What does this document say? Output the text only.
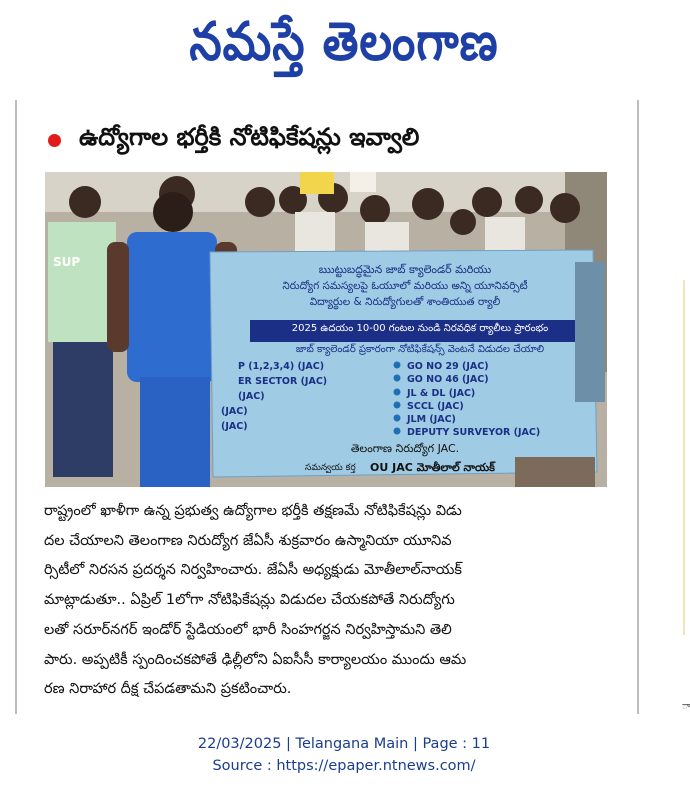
నమస్తే తెలంగాణ
ఉద్యోగాల భర్తీకి నోటిఫికేషన్లు ఇవ్వాలి
SUP
ఋట్టుబద్ధమైన జాబ్ క్యాలెండర్ మరియు
నిరుద్యోగ సమస్యలపై ఓయూలో మరియు అన్ని యూనివర్సిటీ
విద్యార్థుల & నిరుద్యోగులతో శాంతియుత ర్యాలీ
2025 ఉదయం 10-00 గంటల నుండి నిరవధిక ర్యాలీలు ప్రారంభం
జాబ్ క్యాలెండర్ ప్రకారంగా నోటిఫికేషన్స్ వెంటనే విడుదల చేయాలి
P (1,2,3,4) (JAC)
ER SECTOR (JAC)
(JAC)
(JAC)
(JAC)
GO NO 29 (JAC)
GO NO 46 (JAC)
JL & DL (JAC)
SCCL (JAC)
JLM (JAC)
DEPUTY SURVEYOR (JAC)
తెలంగాణ నిరుద్యోగ JAC.
సమన్వయ కర్త OU JAC మోతీలాల్ నాయక్
రాష్ట్రంలో ఖాళీగా ఉన్న ప్రభుత్వ ఉద్యోగాల భర్తీకి తక్షణమే నోటిఫికేషన్లు విడు
దల చేయాలని తెలంగాణ నిరుద్యోగ జేఏసీ శుక్రవారం ఉస్మానియా యూనివ
ర్సిటీలో నిరసన ప్రదర్శన నిర్వహించారు. జేఏసీ అధ్యక్షుడు మోతీలాల్‌నాయక్
మాట్లాడుతూ.. ఏప్రిల్ 1లోగా నోటిఫికేషన్లు విడుదల చేయకపోతే నిరుద్యోగు
లతో సరూర్‌నగర్ ఇండోర్ స్టేడియంలో భారీ సింహగర్జన నిర్వహిస్తామని తెలి
పారు. అప్పటికీ స్పందించకపోతే ఢిల్లీలోని ఏఐసీసీ కార్యాలయం ముందు ఆమ
రణ నిరాహార దీక్ష చేపడతామని ప్రకటించారు.
ా
22/03/2025 | Telangana Main | Page : 11
Source : https://epaper.ntnews.com/
